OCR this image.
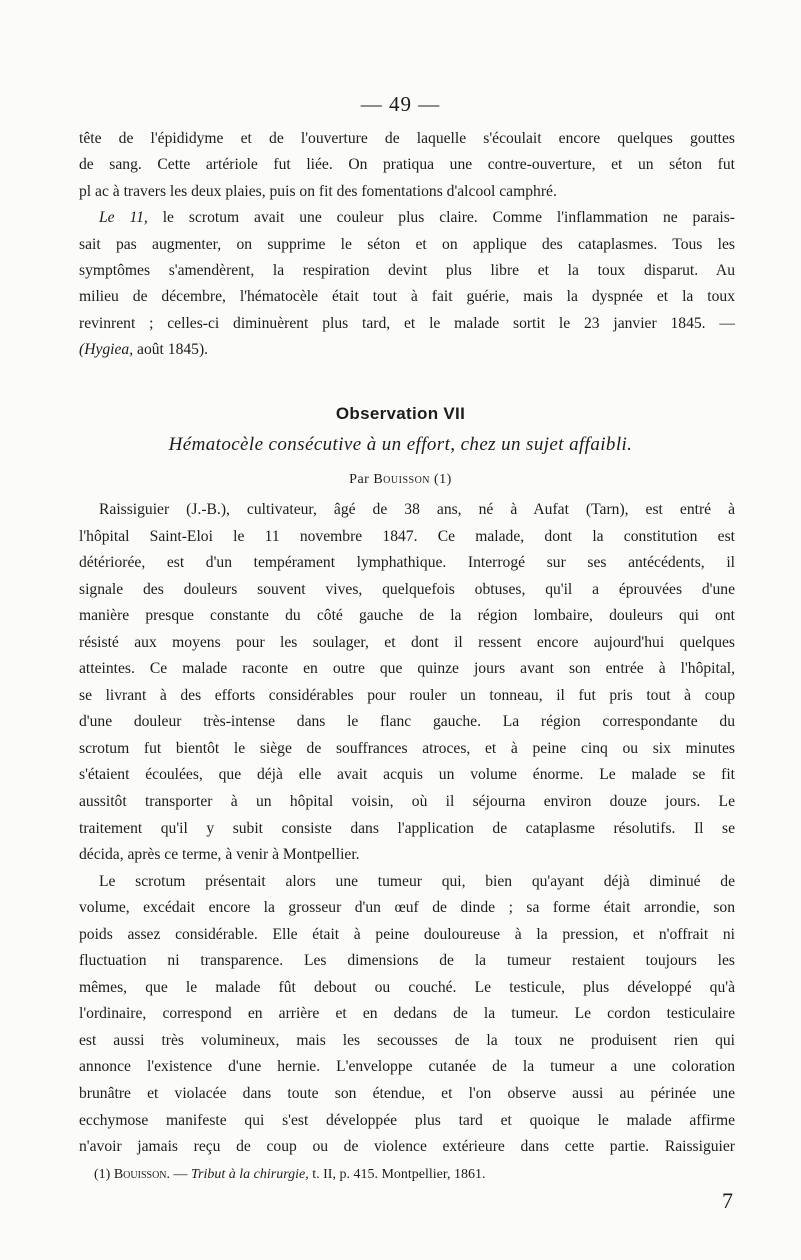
— 49 —
tête de l'épididyme et de l'ouverture de laquelle s'écoulait encore quelques gouttes
de sang. Cette artériole fut liée. On pratiqua une contre-ouverture, et un séton fut
pl ac à travers les deux plaies, puis on fit des fomentations d'alcool camphré.
Le 11, le scrotum avait une couleur plus claire. Comme l'inflammation ne parais-
sait pas augmenter, on supprime le séton et on applique des cataplasmes. Tous les
symptômes s'amendèrent, la respiration devint plus libre et la toux disparut. Au
milieu de décembre, l'hématocèle était tout à fait guérie, mais la dyspnée et la toux
revinrent ; celles-ci diminuèrent plus tard, et le malade sortit le 23 janvier 1845. —
(Hygiea, août 1845).
Observation VII
Hématocèle consécutive à un effort, chez un sujet affaibli.
Par Bouisson (1)
Raissiguier (J.-B.), cultivateur, âgé de 38 ans, né à Aufat (Tarn), est entré à
l'hôpital Saint-Eloi le 11 novembre 1847. Ce malade, dont la constitution est
détériorée, est d'un tempérament lymphathique. Interrogé sur ses antécédents, il
signale des douleurs souvent vives, quelquefois obtuses, qu'il a éprouvées d'une
manière presque constante du côté gauche de la région lombaire, douleurs qui ont
résisté aux moyens pour les soulager, et dont il ressent encore aujourd'hui quelques
atteintes. Ce malade raconte en outre que quinze jours avant son entrée à l'hôpital,
se livrant à des efforts considérables pour rouler un tonneau, il fut pris tout à coup
d'une douleur très-intense dans le flanc gauche. La région correspondante du
scrotum fut bientôt le siège de souffrances atroces, et à peine cinq ou six minutes
s'étaient écoulées, que déjà elle avait acquis un volume énorme. Le malade se fit
aussitôt transporter à un hôpital voisin, où il séjourna environ douze jours. Le
traitement qu'il y subit consiste dans l'application de cataplasme résolutifs. Il se
décida, après ce terme, à venir à Montpellier.
Le scrotum présentait alors une tumeur qui, bien qu'ayant déjà diminué de
volume, excédait encore la grosseur d'un œuf de dinde ; sa forme était arrondie, son
poids assez considérable. Elle était à peine douloureuse à la pression, et n'offrait ni
fluctuation ni transparence. Les dimensions de la tumeur restaient toujours les
mêmes, que le malade fût debout ou couché. Le testicule, plus développé qu'à
l'ordinaire, correspond en arrière et en dedans de la tumeur. Le cordon testiculaire
est aussi très volumineux, mais les secousses de la toux ne produisent rien qui
annonce l'existence d'une hernie. L'enveloppe cutanée de la tumeur a une coloration
brunâtre et violacée dans toute son étendue, et l'on observe aussi au périnée une
ecchymose manifeste qui s'est développée plus tard et quoique le malade affirme
n'avoir jamais reçu de coup ou de violence extérieure dans cette partie. Raissiguier
(1) Bouisson. — Tribut à la chirurgie, t. II, p. 415. Montpellier, 1861.
7
